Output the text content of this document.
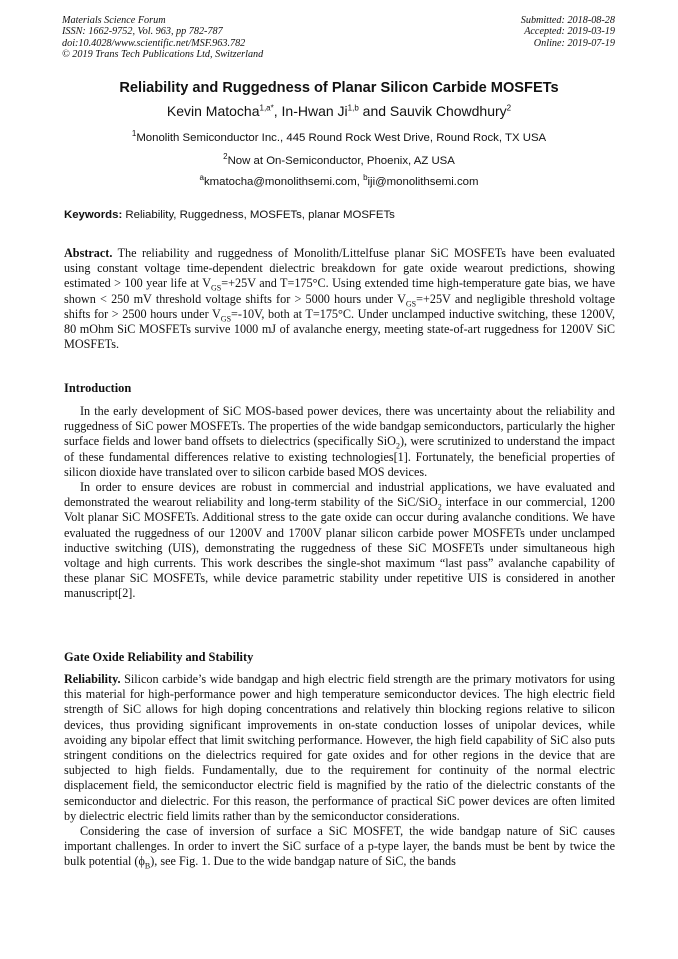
Materials Science Forum
ISSN: 1662-9752, Vol. 963, pp 782-787
doi:10.4028/www.scientific.net/MSF.963.782
© 2019 Trans Tech Publications Ltd, Switzerland
Submitted: 2018-08-28
Accepted: 2019-03-19
Online: 2019-07-19
Reliability and Ruggedness of Planar Silicon Carbide MOSFETs
Kevin Matocha$^{1,a*}$, In-Hwan Ji$^{1,b}$ and Sauvik Chowdhury$^2$
$^1$Monolith Semiconductor Inc., 445 Round Rock West Drive, Round Rock, TX USA
$^2$Now at On-Semiconductor, Phoenix, AZ USA
$^a$kmatocha@monolithsemi.com, $^b$iji@monolithsemi.com
Keywords: Reliability, Ruggedness, MOSFETs, planar MOSFETs

Abstract. The reliability and ruggedness of Monolith/Littelfuse planar SiC MOSFETs have been evaluated using constant voltage time-dependent dielectric breakdown for gate oxide wearout predictions, showing estimated > 100 year life at $V_{GS}=+25V$ and T=175°C. Using extended time high-temperature gate bias, we have shown < 250 mV threshold voltage shifts for > 5000 hours under $V_{GS}=+25V$ and negligible threshold voltage shifts for > 2500 hours under $V_{GS}=-10V$, both at T=175°C. Under unclamped inductive switching, these 1200V, 80 mOhm SiC MOSFETs survive 1000 mJ of avalanche energy, meeting state-of-art ruggedness for 1200V SiC MOSFETs.

Introduction

In the early development of SiC MOS-based power devices, there was uncertainty about the reliability and ruggedness of SiC power MOSFETs. The properties of the wide bandgap semiconductors, particularly the higher surface fields and lower band offsets to dielectrics (specifically SiO$_2$), were scrutinized to understand the impact of these fundamental differences relative to existing technologies[1]. Fortunately, the beneficial properties of silicon dioxide have translated over to silicon carbide based MOS devices.

In order to ensure devices are robust in commercial and industrial applications, we have evaluated and demonstrated the wearout reliability and long-term stability of the SiC/SiO$_2$ interface in our commercial, 1200 Volt planar SiC MOSFETs. Additional stress to the gate oxide can occur during avalanche conditions. We have evaluated the ruggedness of our 1200V and 1700V planar silicon carbide power MOSFETs under unclamped inductive switching (UIS), demonstrating the ruggedness of these SiC MOSFETs under simultaneous high voltage and high currents. This work describes the single-shot maximum “last pass” avalanche capability of these planar SiC MOSFETs, while device parametric stability under repetitive UIS is considered in another manuscript[2].

Gate Oxide Reliability and Stability

Reliability. Silicon carbide’s wide bandgap and high electric field strength are the primary motivators for using this material for high-performance power and high temperature semiconductor devices. The high electric field strength of SiC allows for high doping concentrations and relatively thin blocking regions relative to silicon devices, thus providing significant improvements in on-state conduction losses of unipolar devices, while avoiding any bipolar effect that limit switching performance. However, the high field capability of SiC also puts stringent conditions on the dielectrics required for gate oxides and for other regions in the device that are subjected to high fields. Fundamentally, due to the requirement for continuity of the normal electric displacement field, the semiconductor electric field is magnified by the ratio of the dielectric constants of the semiconductor and dielectric. For this reason, the performance of practical SiC power devices are often limited by dielectric electric field limits rather than by the semiconductor considerations.

Considering the case of inversion of surface a SiC MOSFET, the wide bandgap nature of SiC causes important challenges. In order to invert the SiC surface of a p-type layer, the bands must be bent by twice the bulk potential $(\phi_B)$, see Fig. 1. Due to the wide bandgap nature of SiC, the bands
